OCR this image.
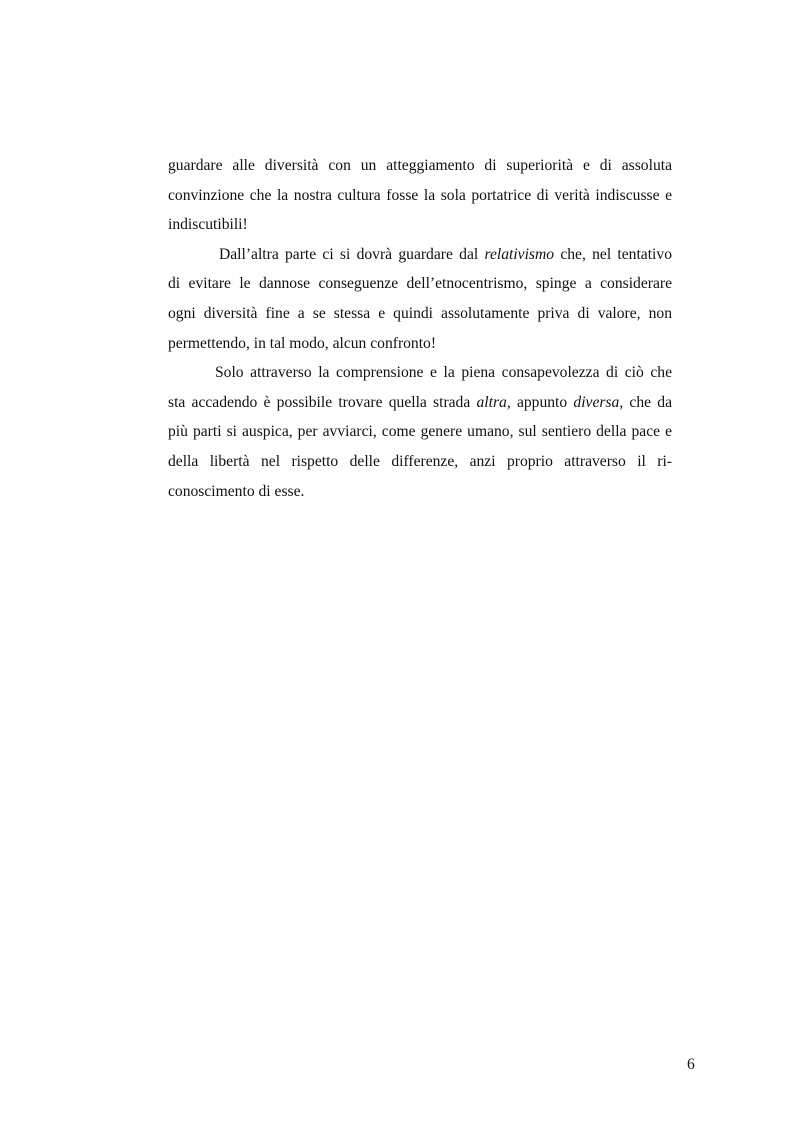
guardare alle diversità con un atteggiamento di superiorità e di assoluta
convinzione che la nostra cultura fosse la sola portatrice di verità indiscusse e
indiscutibili!

Dall’altra parte ci si dovrà guardare dal relativismo che, nel tentativo
di evitare le dannose conseguenze dell’etnocentrismo, spinge a considerare
ogni diversità fine a se stessa e quindi assolutamente priva di valore, non
permettendo, in tal modo, alcun confronto!

Solo attraverso la comprensione e la piena consapevolezza di ciò che
sta accadendo è possibile trovare quella strada altra, appunto diversa, che da
più parti si auspica, per avviarci, come genere umano, sul sentiero della pace e
della libertà nel rispetto delle differenze, anzi proprio attraverso il ri-
conoscimento di esse.

6
